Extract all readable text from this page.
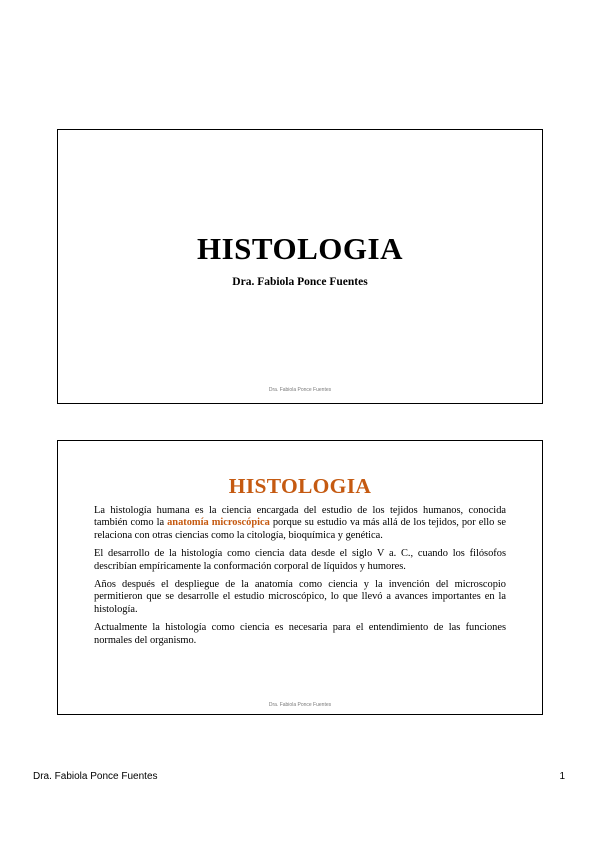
HISTOLOGIA
Dra. Fabiola Ponce Fuentes
Dra. Fabiola Ponce Fuentes
HISTOLOGIA

La histología humana es la ciencia encargada del estudio de los tejidos humanos, conocida también como la anatomía microscópica porque su estudio va más allá de los tejidos, por ello se relaciona con otras ciencias como la citología, bioquímica y genética.

El desarrollo de la histología como ciencia data desde el siglo V a. C., cuando los filósofos describían empíricamente la conformación corporal de líquidos y humores.

Años después el despliegue de la anatomía como ciencia y la invención del microscopio permitieron que se desarrolle el estudio microscópico, lo que llevó a avances importantes en la histología.

Actualmente la histología como ciencia es necesaria para el entendimiento de las funciones normales del organismo.

Dra. Fabiola Ponce Fuentes
Dra. Fabiola Ponce Fuentes	1
